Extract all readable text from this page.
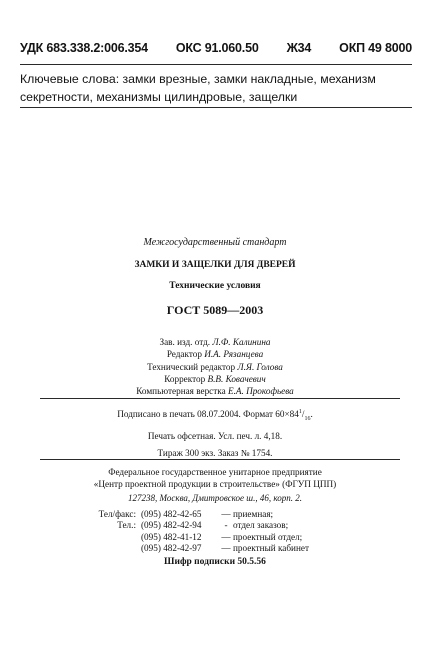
УДК 683.338.2:006.354 ОКС 91.060.50 Ж34 ОКП 49 8000
Ключевые слова: замки врезные, замки накладные, механизм секретности, механизмы цилиндровые, защелки
Межгосударственный стандарт
ЗАМКИ И ЗАЩЕЛКИ ДЛЯ ДВЕРЕЙ
Технические условия
ГОСТ 5089—2003
Зав. изд. отд. Л.Ф. Калинина
Редактор И.А. Рязанцева
Технический редактор Л.Я. Голова
Корректор В.В. Ковачевич
Компьютерная верстка Е.А. Прокофьева
Подписано в печать 08.07.2004. Формат $60\times 84^1/_{16}$.
Печать офсетная. Усл. печ. л. 4,18.
Тираж 300 экз. Заказ № 1754.
Федеральное государственное унитарное предприятие
«Центр проектной продукции в строительстве» (ФГУП ЦПП)
127238, Москва, Дмитровское ш., 46, корп. 2.
Тел/факс: (095) 482-42-65	— приемная;
Тел.: (095) 482-42-94	- отдел заказов;
(095) 482-41-12	— проектный отдел;
(095) 482-42-97	— проектный кабинет
Шифр подписки 50.5.56
